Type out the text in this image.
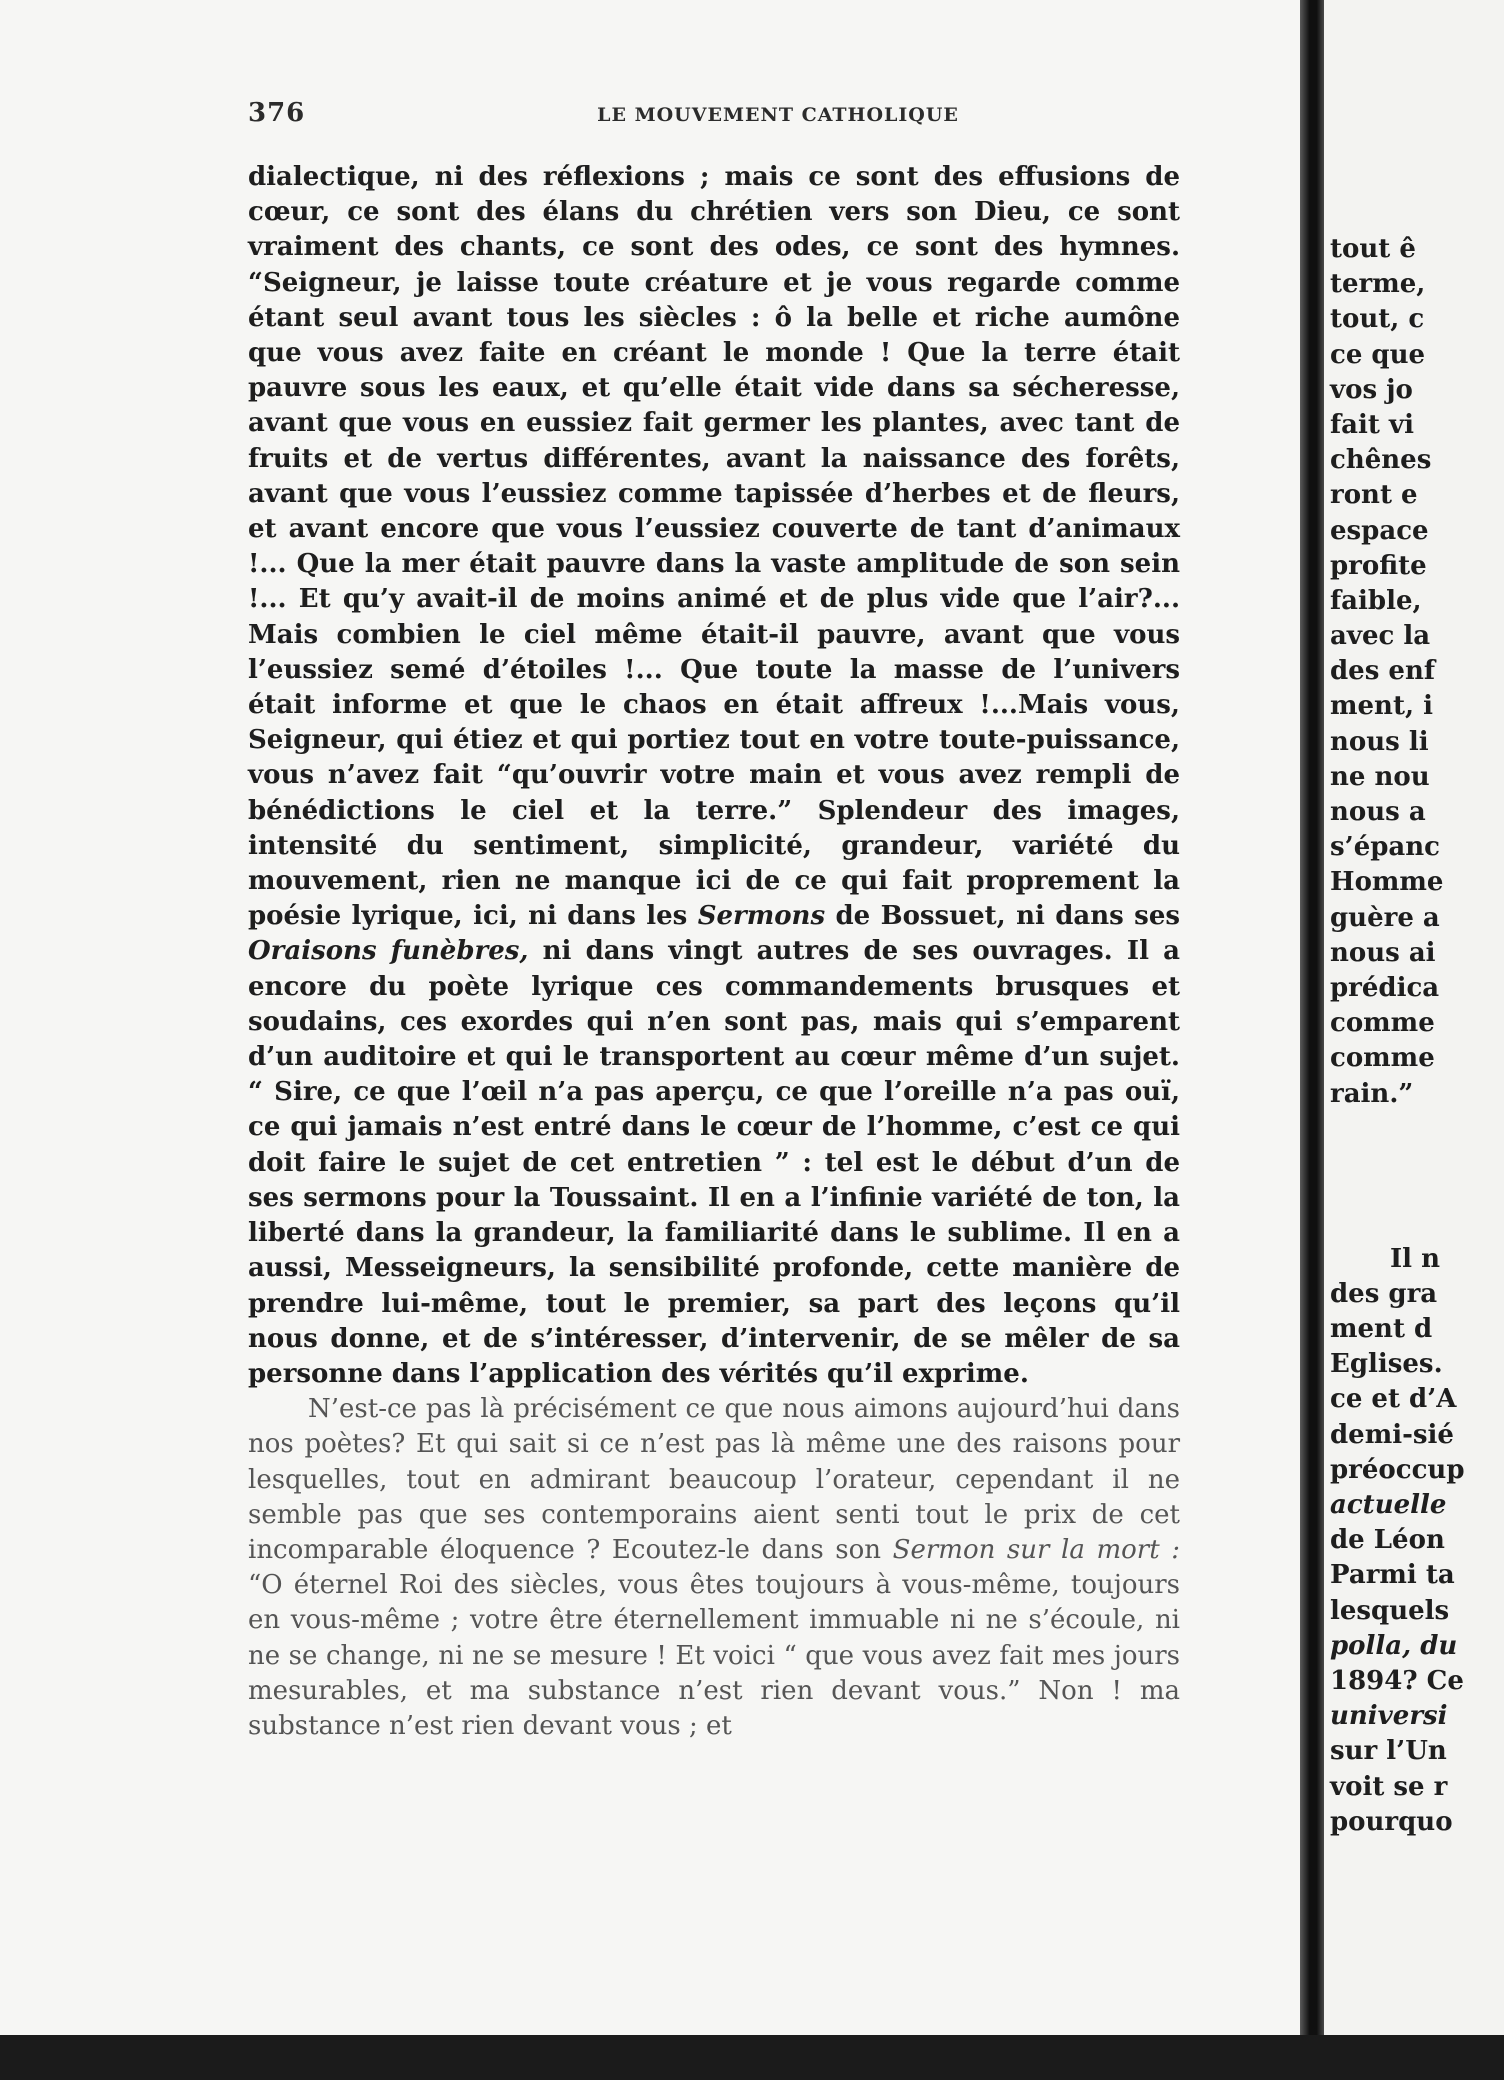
376	LE MOUVEMENT CATHOLIQUE

dialectique, ni des réflexions ; mais ce sont des effusions de cœur, ce sont des élans du chrétien vers son Dieu, ce sont vraiment des chants, ce sont des odes, ce sont des hymnes. “Seigneur, je laisse toute créature et je vous regarde comme étant seul avant tous les siècles : ô la belle et riche aumône que vous avez faite en créant le monde ! Que la terre était pauvre sous les eaux, et qu’elle était vide dans sa sécheresse, avant que vous en eussiez fait germer les plantes, avec tant de fruits et de vertus différentes, avant la naissance des forêts, avant que vous l’eussiez comme tapissée d’herbes et de fleurs, et avant encore que vous l’eussiez couverte de tant d’animaux !... Que la mer était pauvre dans la vaste amplitude de son sein !... Et qu’y avait-il de moins animé et de plus vide que l’air?... Mais combien le ciel même était-il pauvre, avant que vous l’eussiez semé d’étoiles !... Que toute la masse de l’univers était informe et que le chaos en était affreux !...Mais vous, Seigneur, qui étiez et qui portiez tout en votre toute-puissance, vous n’avez fait “qu’ouvrir votre main et vous avez rempli de bénédictions le ciel et la terre.” Splendeur des images, intensité du sentiment, simplicité, grandeur, variété du mouvement, rien ne manque ici de ce qui fait proprement la poésie lyrique, ici, ni dans les Sermons de Bossuet, ni dans ses Oraisons funèbres, ni dans vingt autres de ses ouvrages. Il a encore du poète lyrique ces commandements brusques et soudains, ces exordes qui n’en sont pas, mais qui s’emparent d’un auditoire et qui le transportent au cœur même d’un sujet. “ Sire, ce que l’œil n’a pas aperçu, ce que l’oreille n’a pas ouï, ce qui jamais n’est entré dans le cœur de l’homme, c’est ce qui doit faire le sujet de cet entretien ” : tel est le début d’un de ses sermons pour la Toussaint. Il en a l’infinie variété de ton, la liberté dans la grandeur, la familiarité dans le sublime. Il en a aussi, Messeigneurs, la sensibilité profonde, cette manière de prendre lui-même, tout le premier, sa part des leçons qu’il nous donne, et de s’intéresser, d’intervenir, de se mêler de sa personne dans l’application des vérités qu’il exprime.

N’est-ce pas là précisément ce que nous aimons aujourd’hui dans nos poètes? Et qui sait si ce n’est pas là même une des raisons pour lesquelles, tout en admirant beaucoup l’orateur, cependant il ne semble pas que ses contemporains aient senti tout le prix de cet incomparable éloquence ? Ecoutez-le dans son Sermon sur la mort : “O éternel Roi des siècles, vous êtes toujours à vous-même, toujours en vous-même ; votre être éternellement immuable ni ne s’écoule, ni ne se change, ni ne se mesure ! Et voici “ que vous avez fait mes jours mesurables, et ma substance n’est rien devant vous.” Non ! ma substance n’est rien devant vous ; et

tout ê
terme,
tout, c
ce que
vos jo
fait vi
chênes
ront e
espace
profite
faible,
avec la
des enf
ment, i
nous li
ne nou
nous a
s’épanc
Homme
guère a
nous ai
prédica
comme
comme
rain.”
Il n
des gra
ment d
Eglises.
ce et d’A
demi-sié
préoccup
actuelle
de Léon
Parmi ta
lesquels
polla, du
1894? Ce
universi
sur l’Un
voit se r
pourquo
